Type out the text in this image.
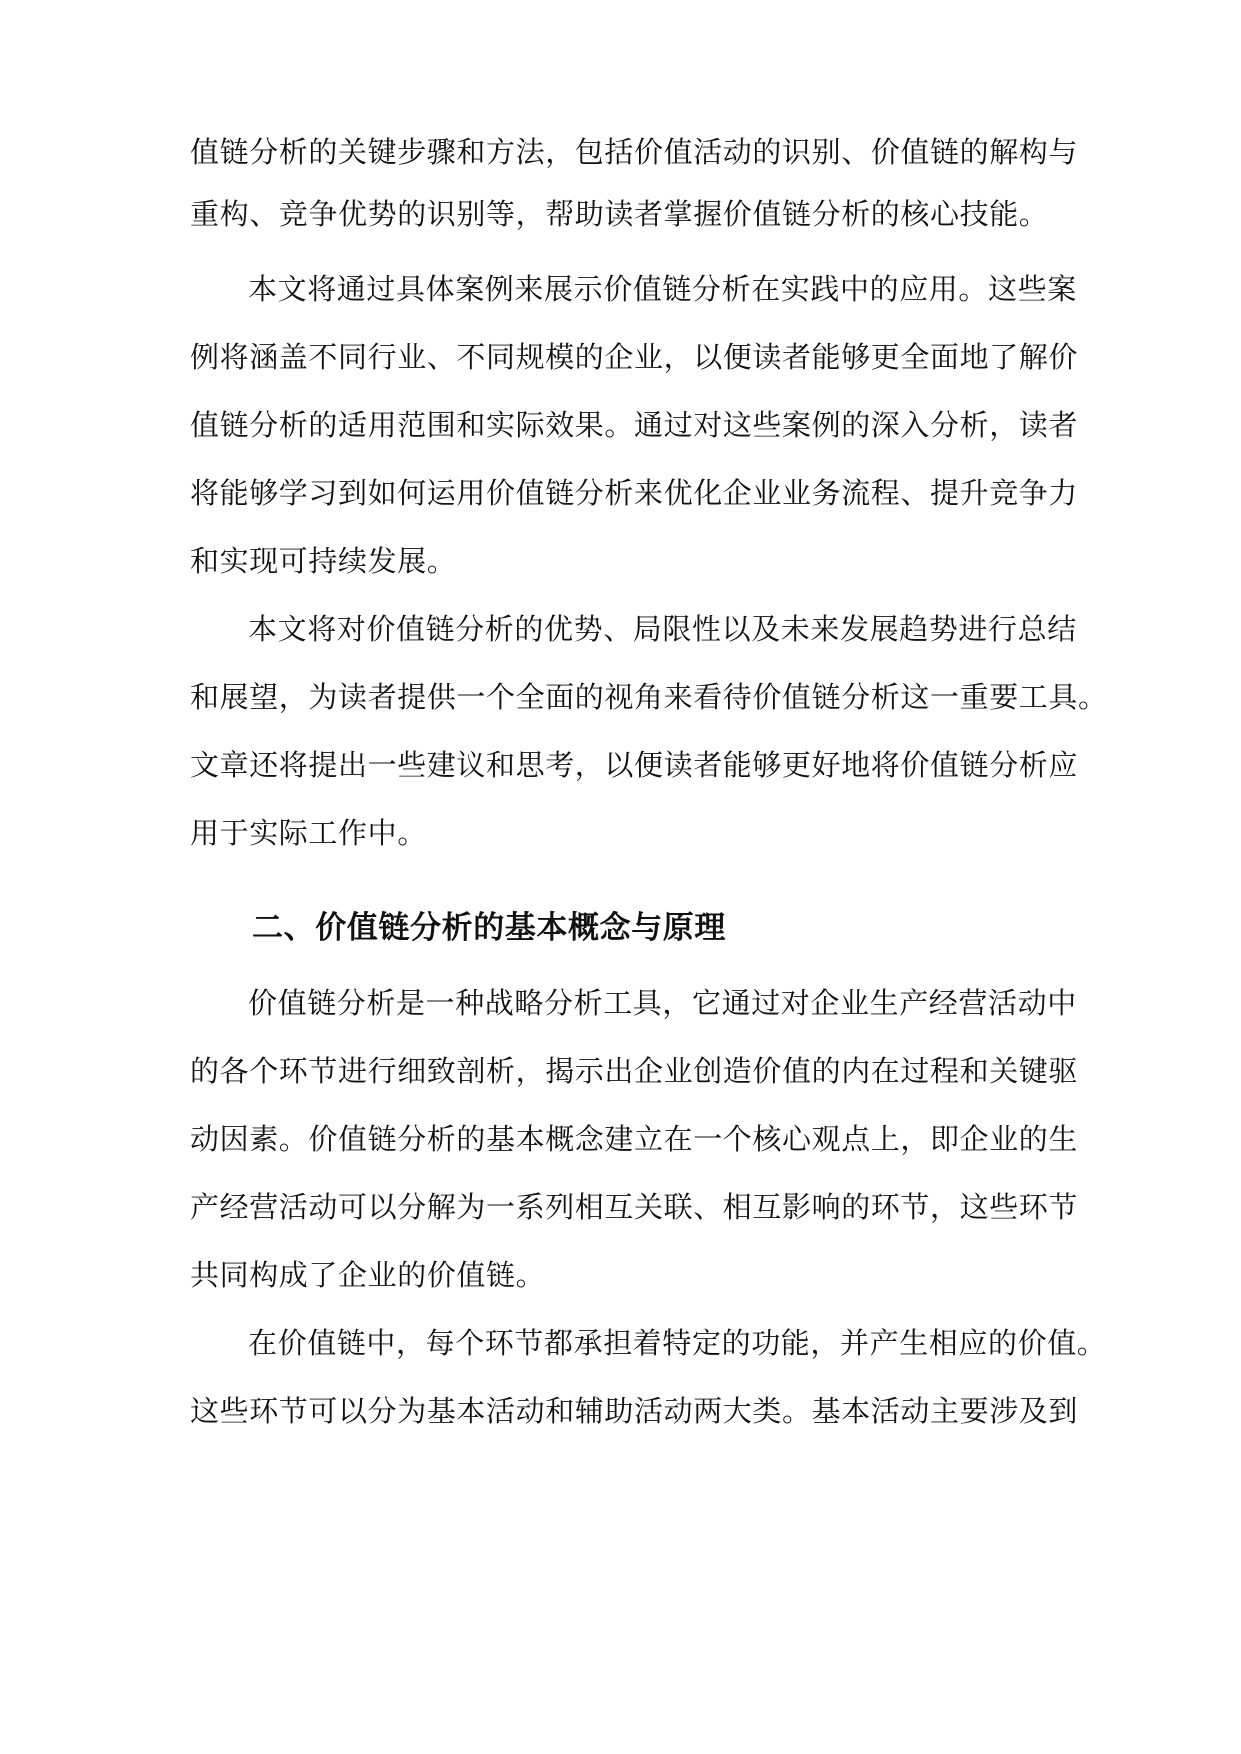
值链分析的关键步骤和方法，包括价值活动的识别、价值链的解构与
重构、竞争优势的识别等，帮助读者掌握价值链分析的核心技能。
本文将通过具体案例来展示价值链分析在实践中的应用。这些案
例将涵盖不同行业、不同规模的企业，以便读者能够更全面地了解价
值链分析的适用范围和实际效果。通过对这些案例的深入分析，读者
将能够学习到如何运用价值链分析来优化企业业务流程、提升竞争力
和实现可持续发展。
本文将对价值链分析的优势、局限性以及未来发展趋势进行总结
和展望，为读者提供一个全面的视角来看待价值链分析这一重要工具。
文章还将提出一些建议和思考，以便读者能够更好地将价值链分析应
用于实际工作中。
二、价值链分析的基本概念与原理
价值链分析是一种战略分析工具，它通过对企业生产经营活动中
的各个环节进行细致剖析，揭示出企业创造价值的内在过程和关键驱
动因素。价值链分析的基本概念建立在一个核心观点上，即企业的生
产经营活动可以分解为一系列相互关联、相互影响的环节，这些环节
共同构成了企业的价值链。
在价值链中，每个环节都承担着特定的功能，并产生相应的价值。
这些环节可以分为基本活动和辅助活动两大类。基本活动主要涉及到
